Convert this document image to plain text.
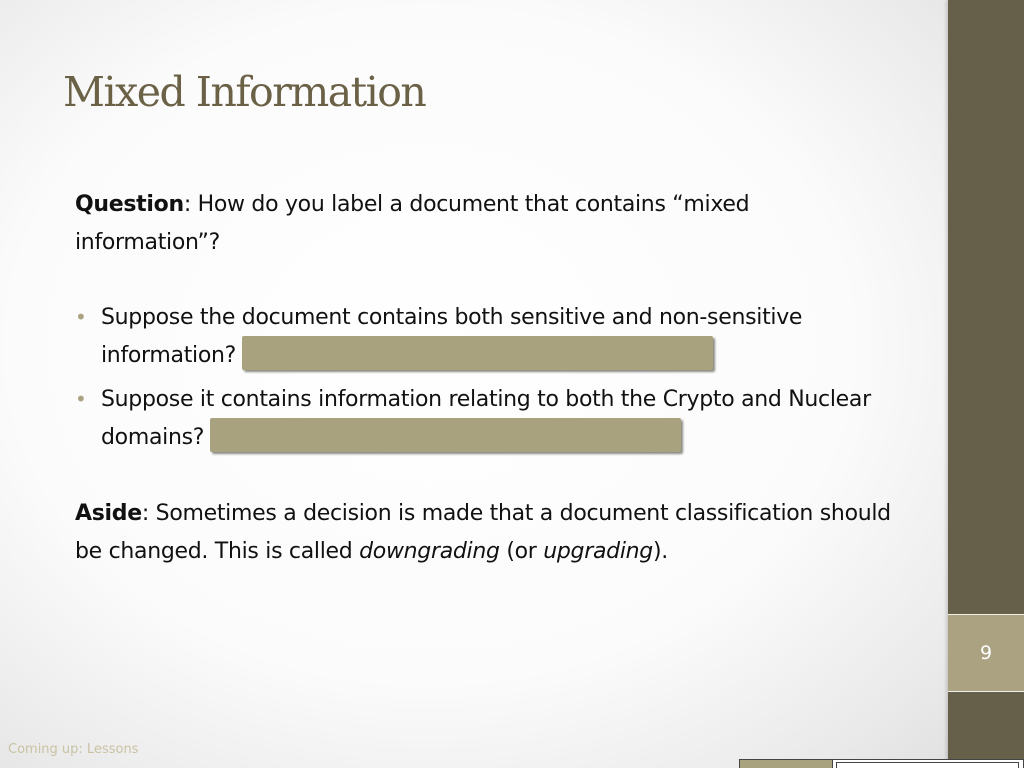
Mixed Information

Question: How do you label a document that contains “mixed information”?

• Suppose the document contains both sensitive and non-sensitive information?
• Suppose it contains information relating to both the Crypto and Nuclear domains?

Aside: Sometimes a decision is made that a document classification should be changed. This is called downgrading (or upgrading).

Coming up: Lessons
9
